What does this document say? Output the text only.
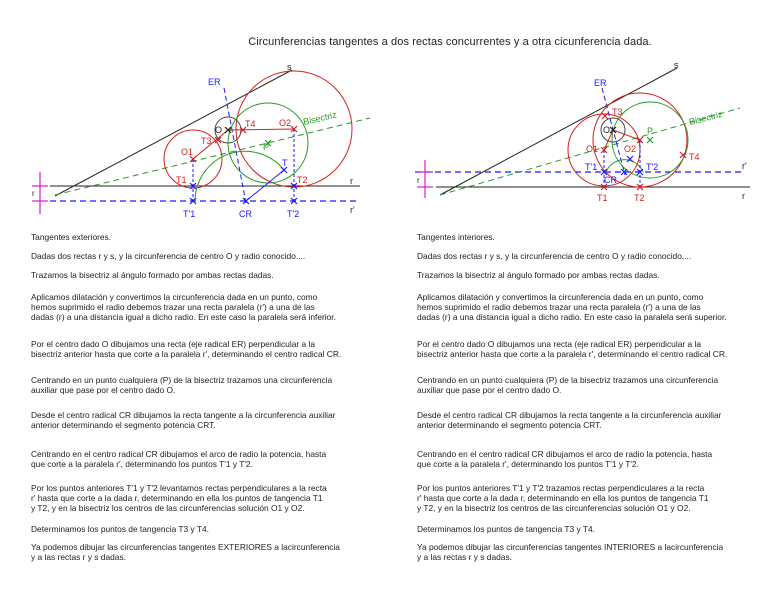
Circunferencias tangentes a dos rectas concurrentes y a otra cicunferencia dada.
r
ER
s
O
T4	O2 Bisectriz
T3
P
O1
T
T1	T2	r
r'
T'1	CR	T'2
r
ER
s
T3
O	P
Bisectriz
O1	O2
T'1	T'2
T4
CR
r'
r
T1	T2

Tangentes exteriores.

Dadas dos rectas r y s, y la circunferencia de centro O y radio conocido....

Trazamos la bisectriz al ángulo formado por ambas rectas dadas.

Aplicamos dilatación y convertimos la circunferencia dada en un punto, como
hemos suprimido el radio debemos trazar una recta paralela (r') a una de las
dadas (r) a una distancia igual a dicho radio. En este caso la paralela será inferior.

Por el centro dado O dibujamos una recta (eje radical ER) perpendicular a la
bisectriz anterior hasta que corte a la paralela r', determinando el centro radical CR.

Centrando en un punto cualquiera (P) de la bisectriz trazamos una circunferencia
auxiliar que pase por el centro dado O.

Desde el centro radical CR dibujamos la recta tangente a la circunferencia auxiliar
anterior determinando el segmento potencia CRT.

Centrando en el centro radical CR dibujamos el arco de radio la potencia, hasta
que corte a la paralela r', determinando los puntos T'1 y T'2.

Por los puntos anteriores T'1 y T'2 levantamos rectas perpendiculares a la recta
r' hasta que corte a la dada r, determinando en ella los puntos de tangencia T1
y T2, y en la bisectriz los centros de las circunferencias solución O1 y O2.

Determinamos los puntos de tangencia T3 y T4.

Ya podemos dibujar las circunferencias tangentes EXTERIORES a lacircunferencia
y a las rectas r y s dadas.

Tangentes interiores.

Dadas dos rectas r y s, y la circunferencia de centro O y radio conocido....

Trazamos la bisectriz al ángulo formado por ambas rectas dadas.

Aplicamos dilatación y convertimos la circunferencia dada en un punto, como
hemos suprimido el radio debemos trazar una recta paralela (r') a una de las
dadas (r) a una distancia igual a dicho radio. En este caso la paralela será superior.

Por el centro dado O dibujamos una recta (eje radical ER) perpendicular a la
bisectriz anterior hasta que corte a la paralela r', determinando el centro radical CR.

Centrando en un punto cualquiera (P) de la bisectriz trazamos una circunferencia
auxiliar que pase por el centro dado O.

Desde el centro radical CR dibujamos la recta tangente a la circunferencia auxiliar
anterior determinando el segmento potencia CRT.

Centrando en el centro radical CR dibujamos el arco de radio la potencia, hasta
que corte a la paralela r', determinando los puntos T'1 y T'2.

Por los puntos anteriores T'1 y T'2 trazamos rectas perpendiculares a la recta
r' hasta que corte a la dada r, determinando en ella los puntos de tangencia T1
y T2, y en la bisectriz los centros de las circunferencias solución O1 y O2.

Determinamos los puntos de tangencia T3 y T4.

Ya podemos dibujar las circunferencias tangentes INTERIORES a lacircunferencia
y a las rectas r y s dadas.
